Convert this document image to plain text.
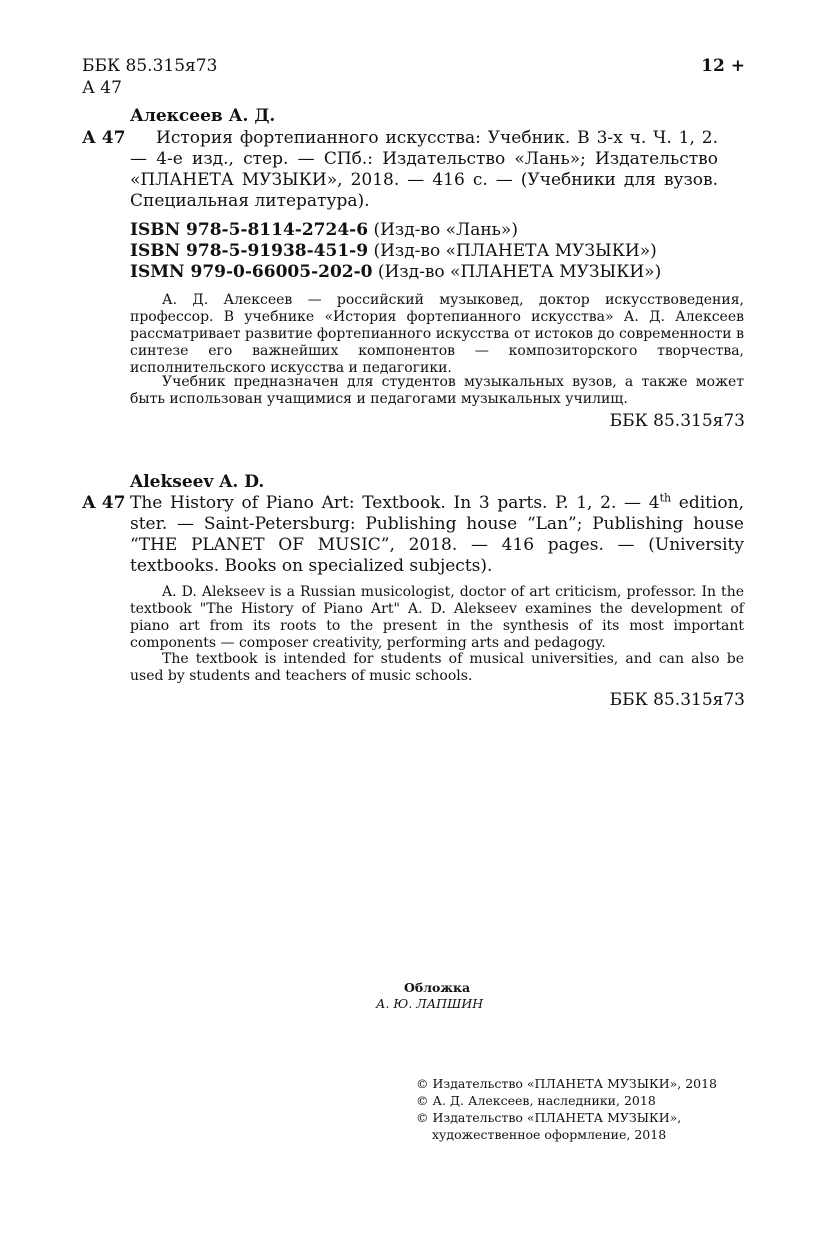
ББК 85.315я73
А 47
12 +
Алексеев А. Д.
А 47	История фортепианного искусства: Учебник. В 3-х ч. Ч. 1, 2. — 4-е изд., стер. — СПб.: Издательство «Лань»; Издательство «ПЛАНЕТА МУЗЫКИ», 2018. — 416 с. — (Учебники для вузов. Специальная литература).
ISBN 978-5-8114-2724-6 (Изд-во «Лань»)
ISBN 978-5-91938-451-9 (Изд-во «ПЛАНЕТА МУЗЫКИ»)
ISMN 979-0-66005-202-0 (Изд-во «ПЛАНЕТА МУЗЫКИ»)
А. Д. Алексеев — российский музыковед, доктор искусствоведения, профессор. В учебнике «История фортепианного искусства» А. Д. Алексеев рассматривает развитие фортепианного искусства от истоков до современности в синтезе его важнейших компонентов — композиторского творчества, исполнительского искусства и педагогики.
Учебник предназначен для студентов музыкальных вузов, а также может быть использован учащимися и педагогами музыкальных училищ.
ББК 85.315я73
Alekseev A. D.
А 47 The History of Piano Art: Textbook. In 3 parts. P. 1, 2. — 4th edition, ster. — Saint-Petersburg: Publishing house “Lan”; Publishing house “THE PLANET OF MUSIC”, 2018. — 416 pages. — (University textbooks. Books on specialized subjects).
A. D. Alekseev is a Russian musicologist, doctor of art criticism, professor. In the textbook "The History of Piano Art" A. D. Alekseev examines the development of piano art from its roots to the present in the synthesis of its most important components — composer creativity, performing arts and pedagogy.
The textbook is intended for students of musical universities, and can also be used by students and teachers of music schools.
ББК 85.315я73
Обложка
А. Ю. ЛАПШИН
© Издательство «ПЛАНЕТА МУЗЫКИ», 2018
© А. Д. Алексеев, наследники, 2018
© Издательство «ПЛАНЕТА МУЗЫКИ»,
художественное оформление, 2018
